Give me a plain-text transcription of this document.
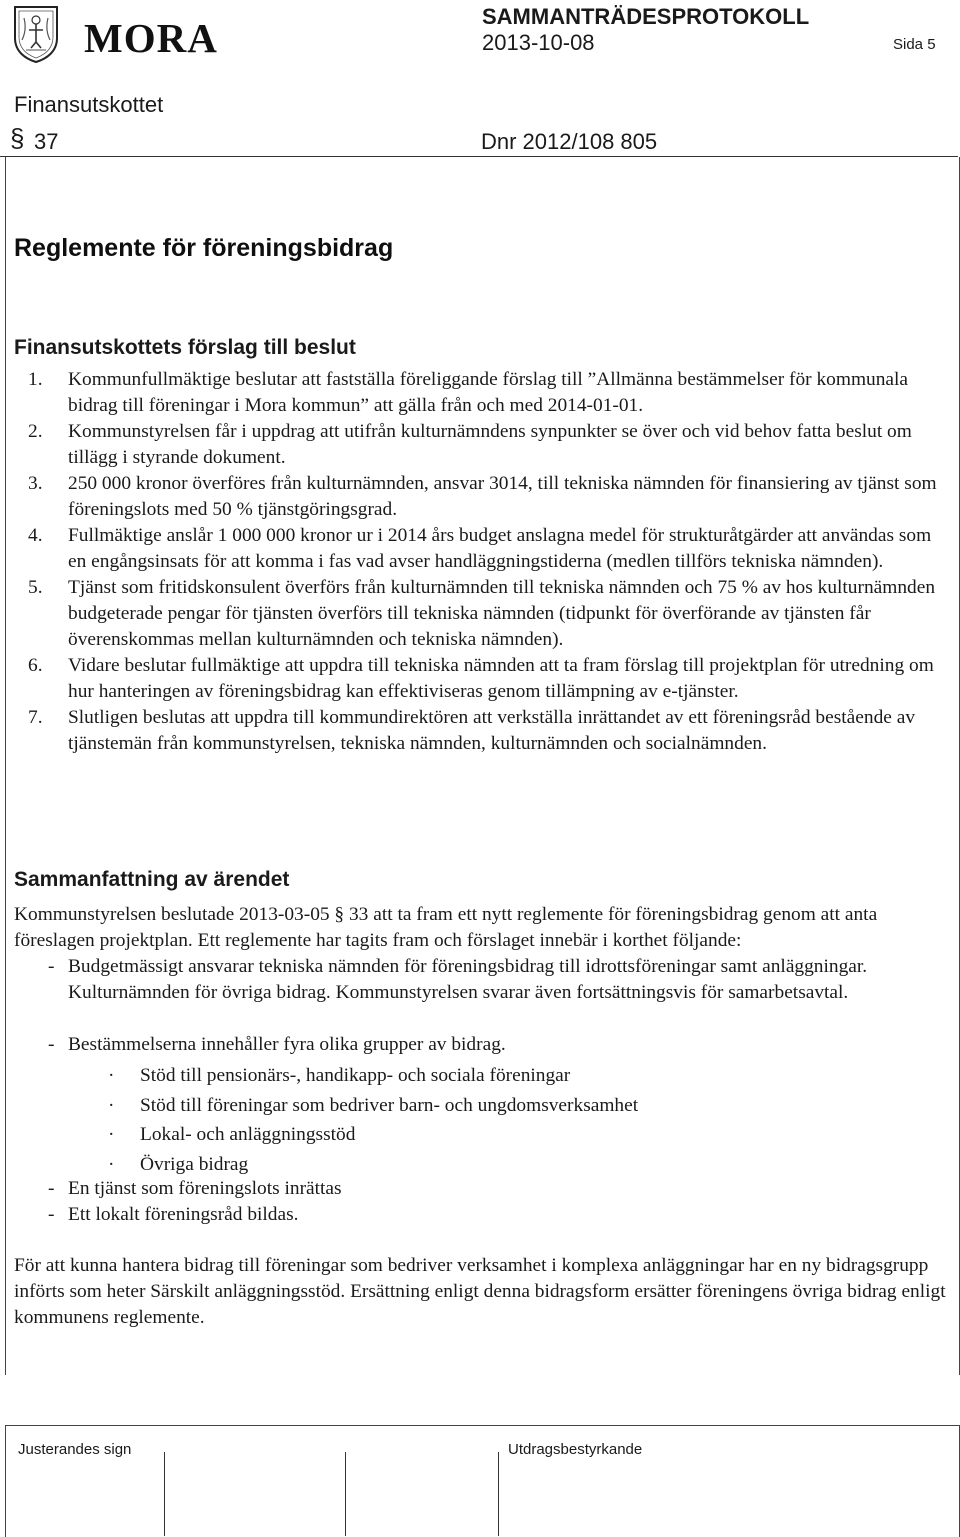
MORA	SAMMANTRÄDESPROTOKOLL
2013-10-08	Sida 5
Finansutskottet
§ 37	Dnr 2012/108 805
Reglemente för föreningsbidrag
Finansutskottets förslag till beslut
1. Kommunfullmäktige beslutar att fastställa föreliggande förslag till ”Allmänna bestämmelser för kommunala bidrag till föreningar i Mora kommun” att gälla från och med 2014-01-01.
2. Kommunstyrelsen får i uppdrag att utifrån kulturnämndens synpunkter se över och vid behov fatta beslut om tillägg i styrande dokument.
3. 250 000 kronor överföres från kulturnämnden, ansvar 3014, till tekniska nämnden för finansiering av tjänst som föreningslots med 50 % tjänstgöringsgrad.
4. Fullmäktige anslår 1 000 000 kronor ur i 2014 års budget anslagna medel för strukturåtgärder att användas som en engångsinsats för att komma i fas vad avser handläggningstiderna (medlen tillförs tekniska nämnden).
5. Tjänst som fritidskonsulent överförs från kulturnämnden till tekniska nämnden och 75 % av hos kulturnämnden budgeterade pengar för tjänsten överförs till tekniska nämnden (tidpunkt för överförande av tjänsten får överenskommas mellan kulturnämnden och tekniska nämnden).
6. Vidare beslutar fullmäktige att uppdra till tekniska nämnden att ta fram förslag till projektplan för utredning om hur hanteringen av föreningsbidrag kan effektiviseras genom tillämpning av e-tjänster.
7. Slutligen beslutas att uppdra till kommundirektören att verkställa inrättandet av ett föreningsråd bestående av tjänstemän från kommunstyrelsen, tekniska nämnden, kulturnämnden och socialnämnden.
Sammanfattning av ärendet
Kommunstyrelsen beslutade 2013-03-05 § 33 att ta fram ett nytt reglemente för föreningsbidrag genom att anta föreslagen projektplan. Ett reglemente har tagits fram och förslaget innebär i korthet följande:
- Budgetmässigt ansvarar tekniska nämnden för föreningsbidrag till idrottsföreningar samt anläggningar. Kulturnämnden för övriga bidrag. Kommunstyrelsen svarar även fortsättningsvis för samarbetsavtal.
- Bestämmelserna innehåller fyra olika grupper av bidrag.
· Stöd till pensionärs-, handikapp- och sociala föreningar
· Stöd till föreningar som bedriver barn- och ungdomsverksamhet
· Lokal- och anläggningsstöd
· Övriga bidrag
- En tjänst som föreningslots inrättas
- Ett lokalt föreningsråd bildas.
För att kunna hantera bidrag till föreningar som bedriver verksamhet i komplexa anläggningar har en ny bidragsgrupp införts som heter Särskilt anläggningsstöd. Ersättning enligt denna bidragsform ersätter föreningens övriga bidrag enligt kommunens reglemente.
Justerandes sign	Utdragsbestyrkande
